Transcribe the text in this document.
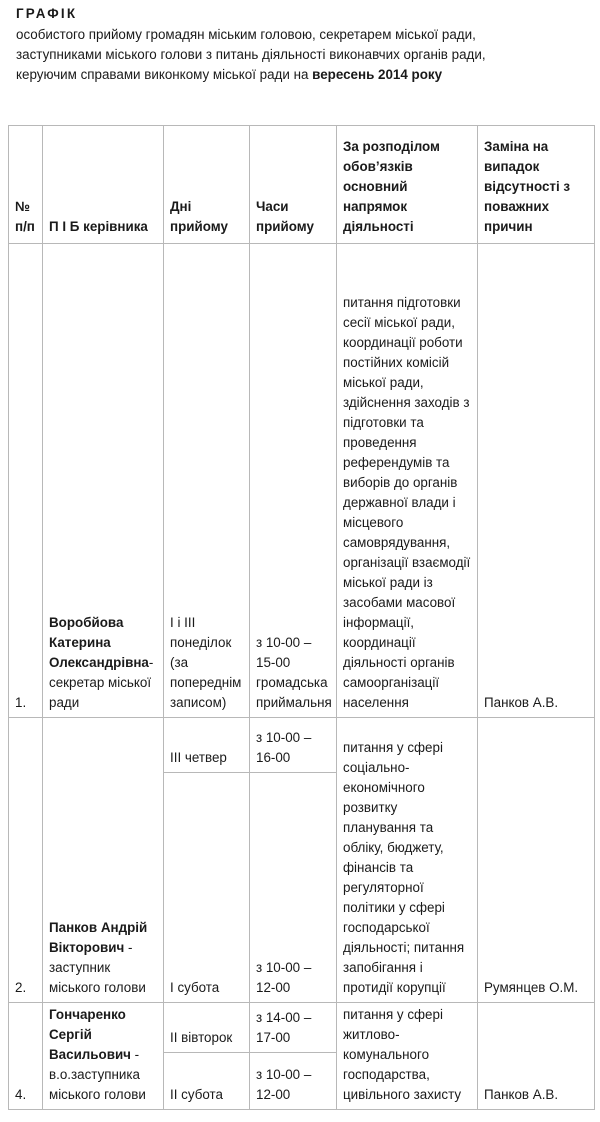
ГРАФІК
особистого прийому громадян міським головою, секретарем міської ради,
заступниками міського голови з питань діяльності виконавчих органів ради,
керуючим справами виконкому міської ради на вересень 2014 року
№ п/п	П І Б керівника	Дні прийому	Часи прийому	За розподілом обов’язків основний напрямок діяльності	Заміна на випадок відсутності з поважних причин
1.	Воробйова Катерина Олександрівна- секретар міської ради	І і ІІІ понеділок (за попереднім записом)	з 10-00 – 15-00 громадська приймальня	питання підготовки сесії міської ради, координації роботи постійних комісій міської ради, здійснення заходів з підготовки та проведення референдумів та виборів до органів державної влади і місцевого самоврядування, організації взаємодії міської ради із засобами масової інформації, координації діяльності органів самоорганізації населення	Панков А.В.
2.	Панков Андрій Вікторович - заступник міського голови	ІІІ четвер	з 10-00 – 16-00	питання у сфері соціально-економічного розвитку планування та обліку, бюджету, фінансів та регуляторної політики у сфері господарської діяльності; питання запобігання і протидії корупції	Румянцев О.М.
		І субота	з 10-00 – 12-00		
4.	Гончаренко Сергій Васильович - в.о.заступника міського голови	ІІ вівторок	з 14-00 – 17-00	питання у сфері житлово-комунального господарства, цивільного захисту	Панков А.В.
		ІІ субота	з 10-00 – 12-00		
